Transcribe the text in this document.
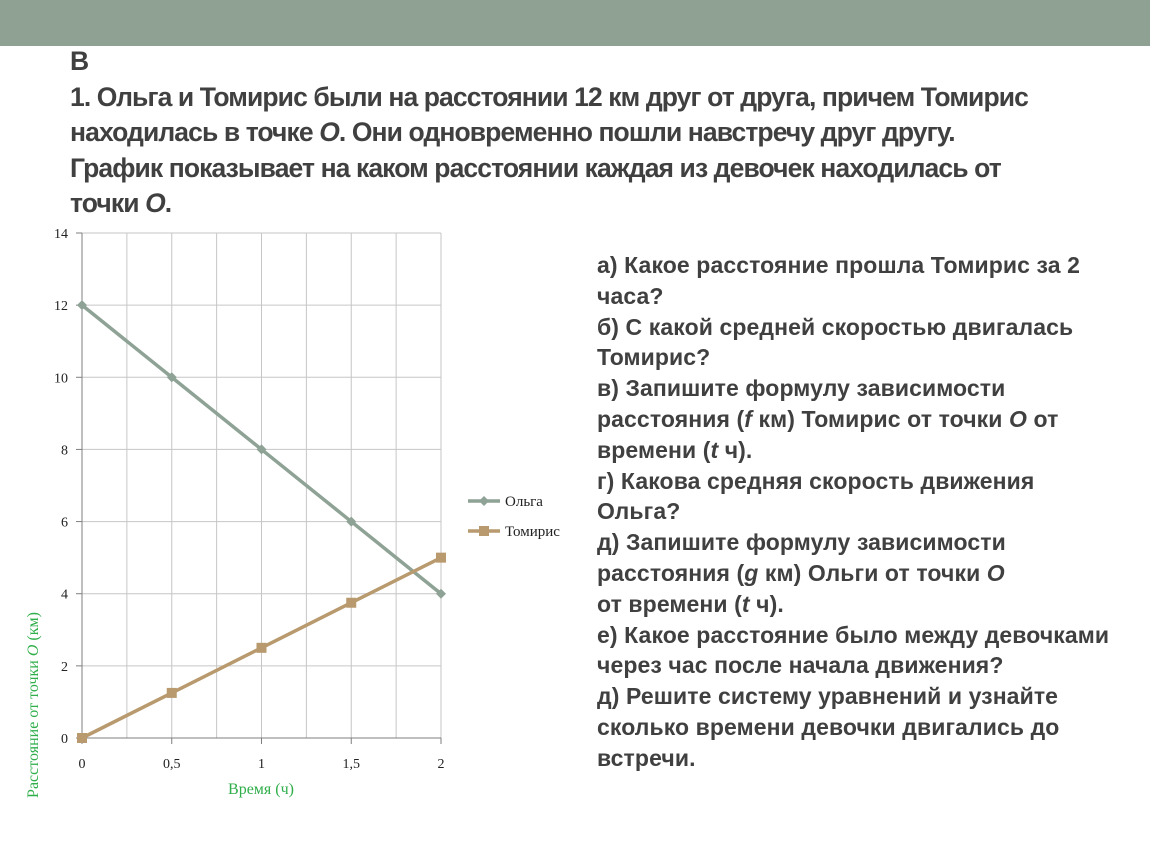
В
1. Ольга и Томирис были на расстоянии 12 км друг от друга, причем Томирис
находилась в точке О. Они одновременно пошли навстречу друг другу.
График показывает на каком расстоянии каждая из девочек находилась от
точки О.
0
2
4
6
8
10
12
14
0	0,5	1	1,5	2
Ольга
Томирис
Время (ч)
Расстояние от точки О (км)
а) Какое расстояние прошла Томирис за 2
часа?
б) С какой средней скоростью двигалась
Томирис?
в) Запишите формулу зависимости
расстояния (f км) Томирис от точки О от
времени (t ч).
г) Какова средняя скорость движения
Ольга?
д) Запишите формулу зависимости
расстояния (g км) Ольги от точки О
от времени (t ч).
е) Какое расстояние было между девочками
через час после начала движения?
д) Решите систему уравнений и узнайте
сколько времени девочки двигались до
встречи.
